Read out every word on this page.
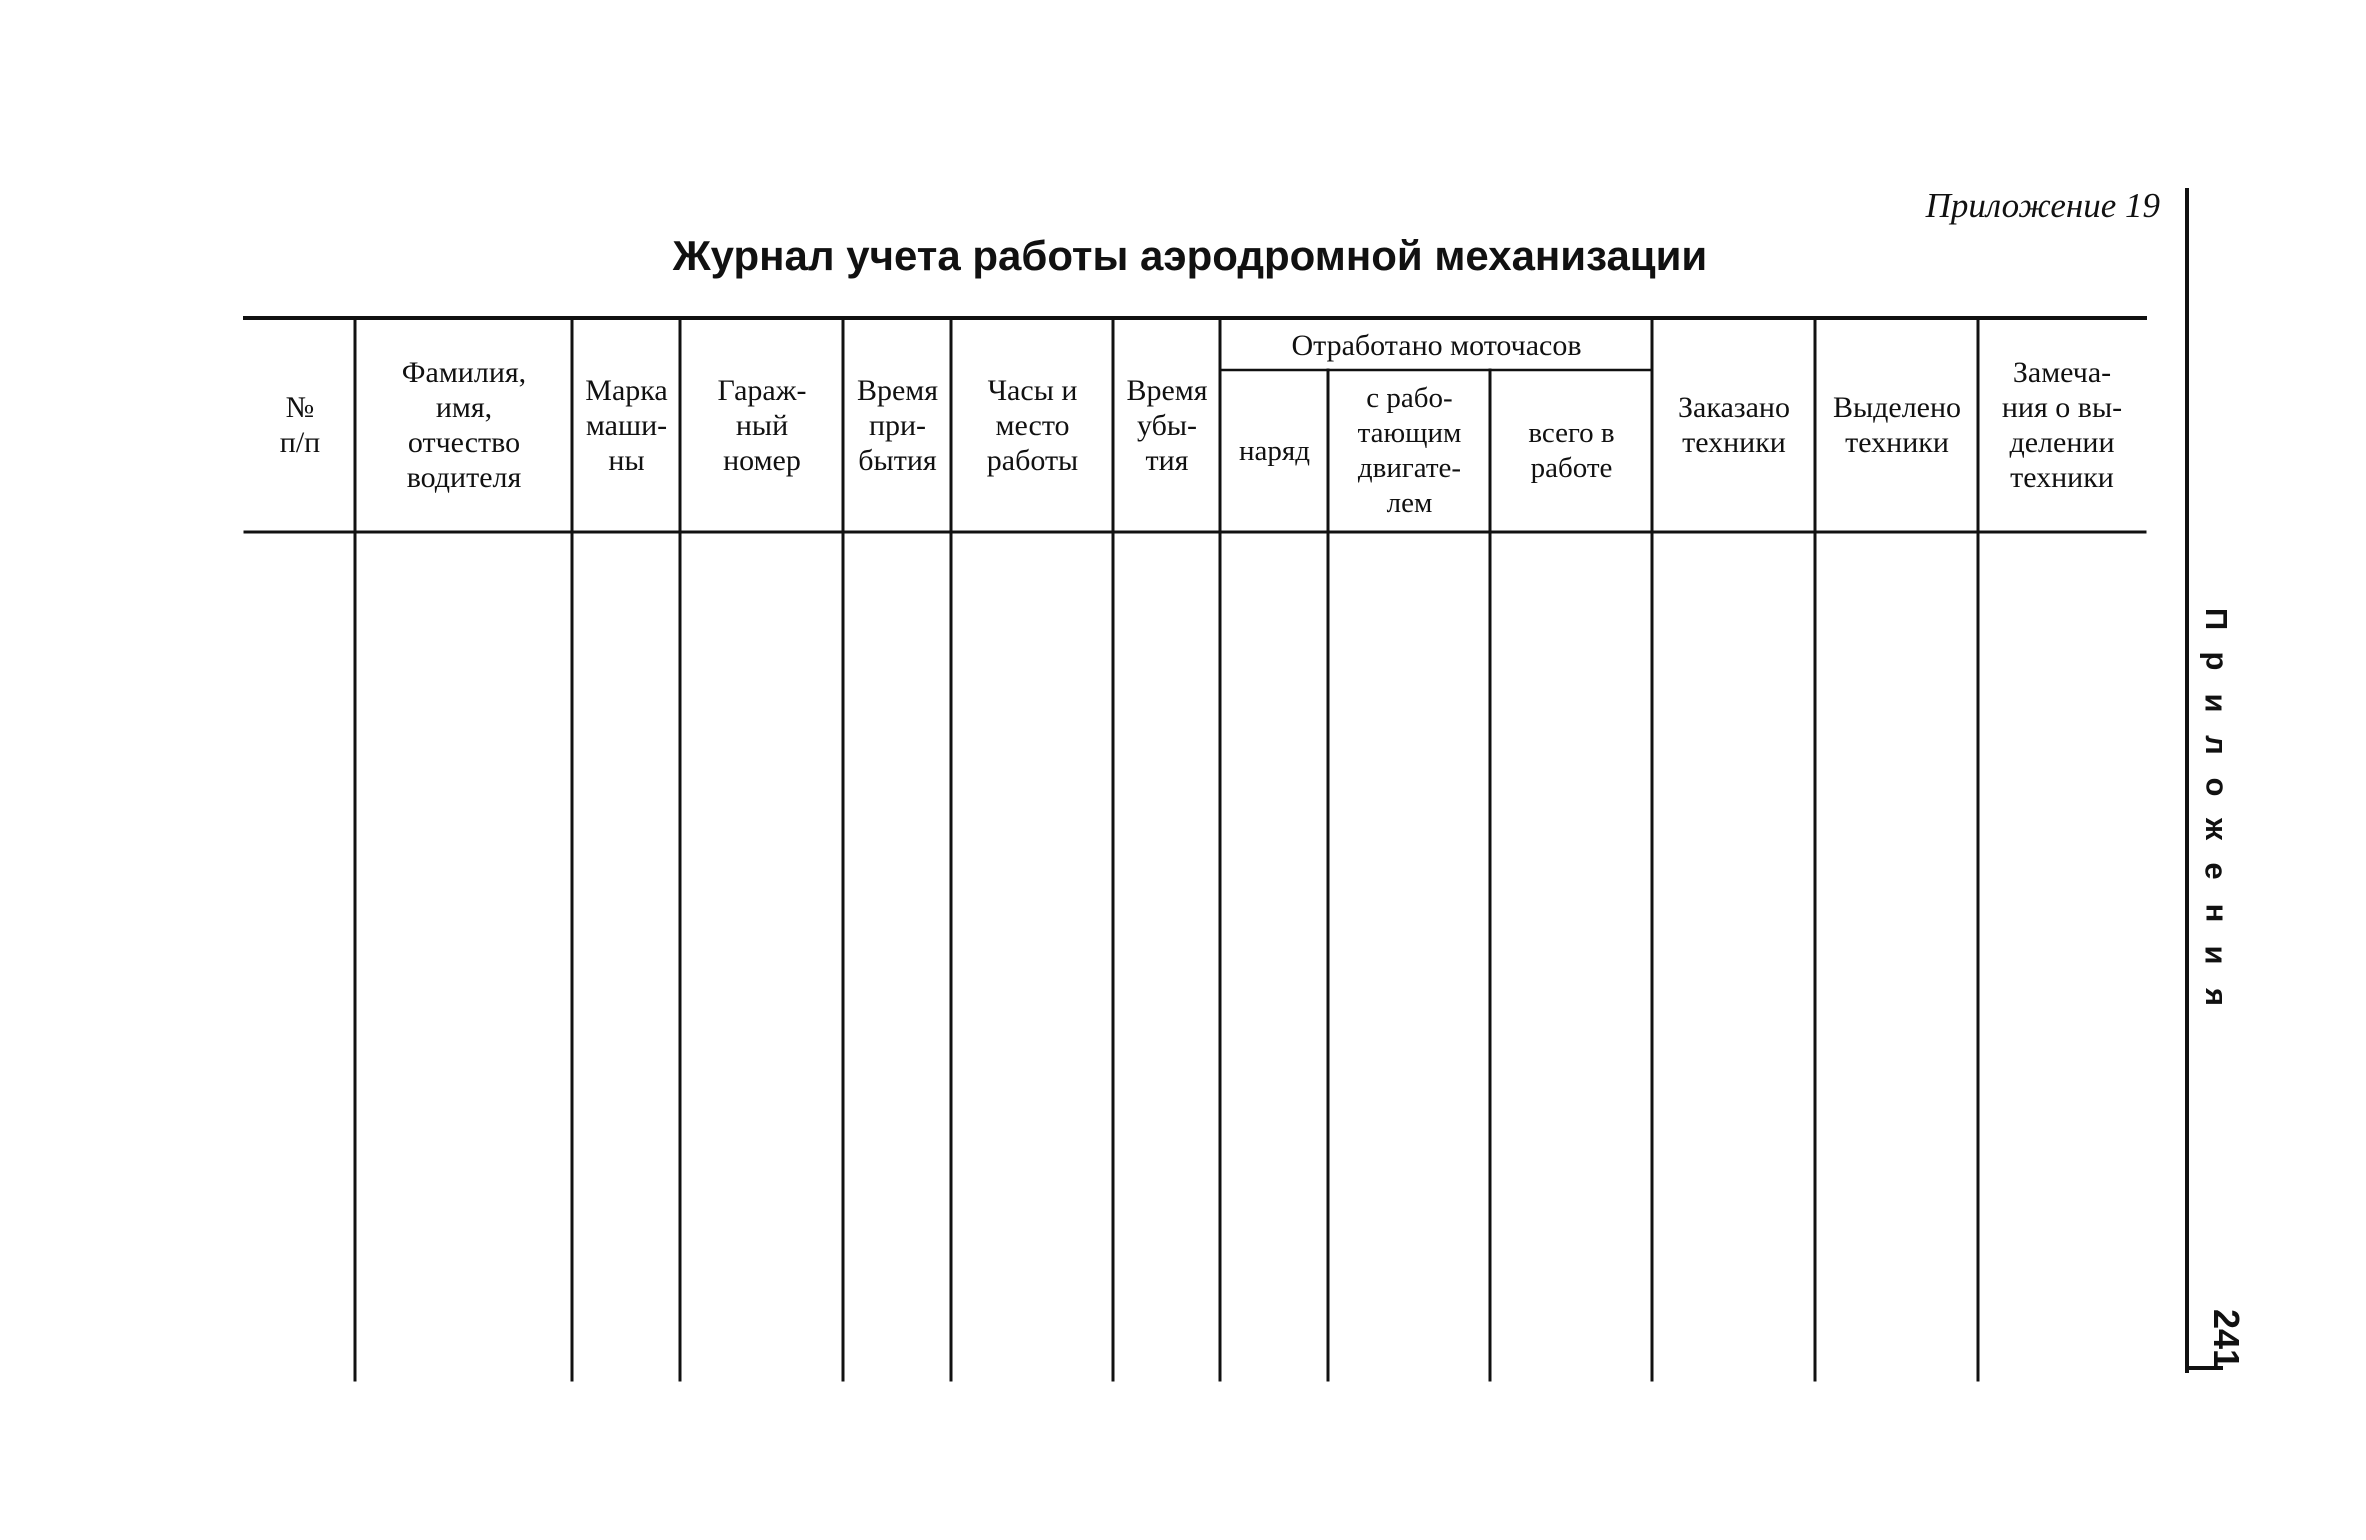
Приложение 19
Журнал учета работы аэродромной механизации
№
п/п
Фамилия,
имя,
отчество
водителя
Марка
маши-
ны
Гараж-
ный
номер
Время
при-
бытия
Часы и
место
работы
Время
убы-
тия
Отработано моточасов
наряд
с рабо-
тающим
двигате-
лем
всего в
работе
Заказано
техники
Выделено
техники
Замеча-
ния о вы-
делении
техники
П
р
и
л
о
ж
е
н
и
я
241
